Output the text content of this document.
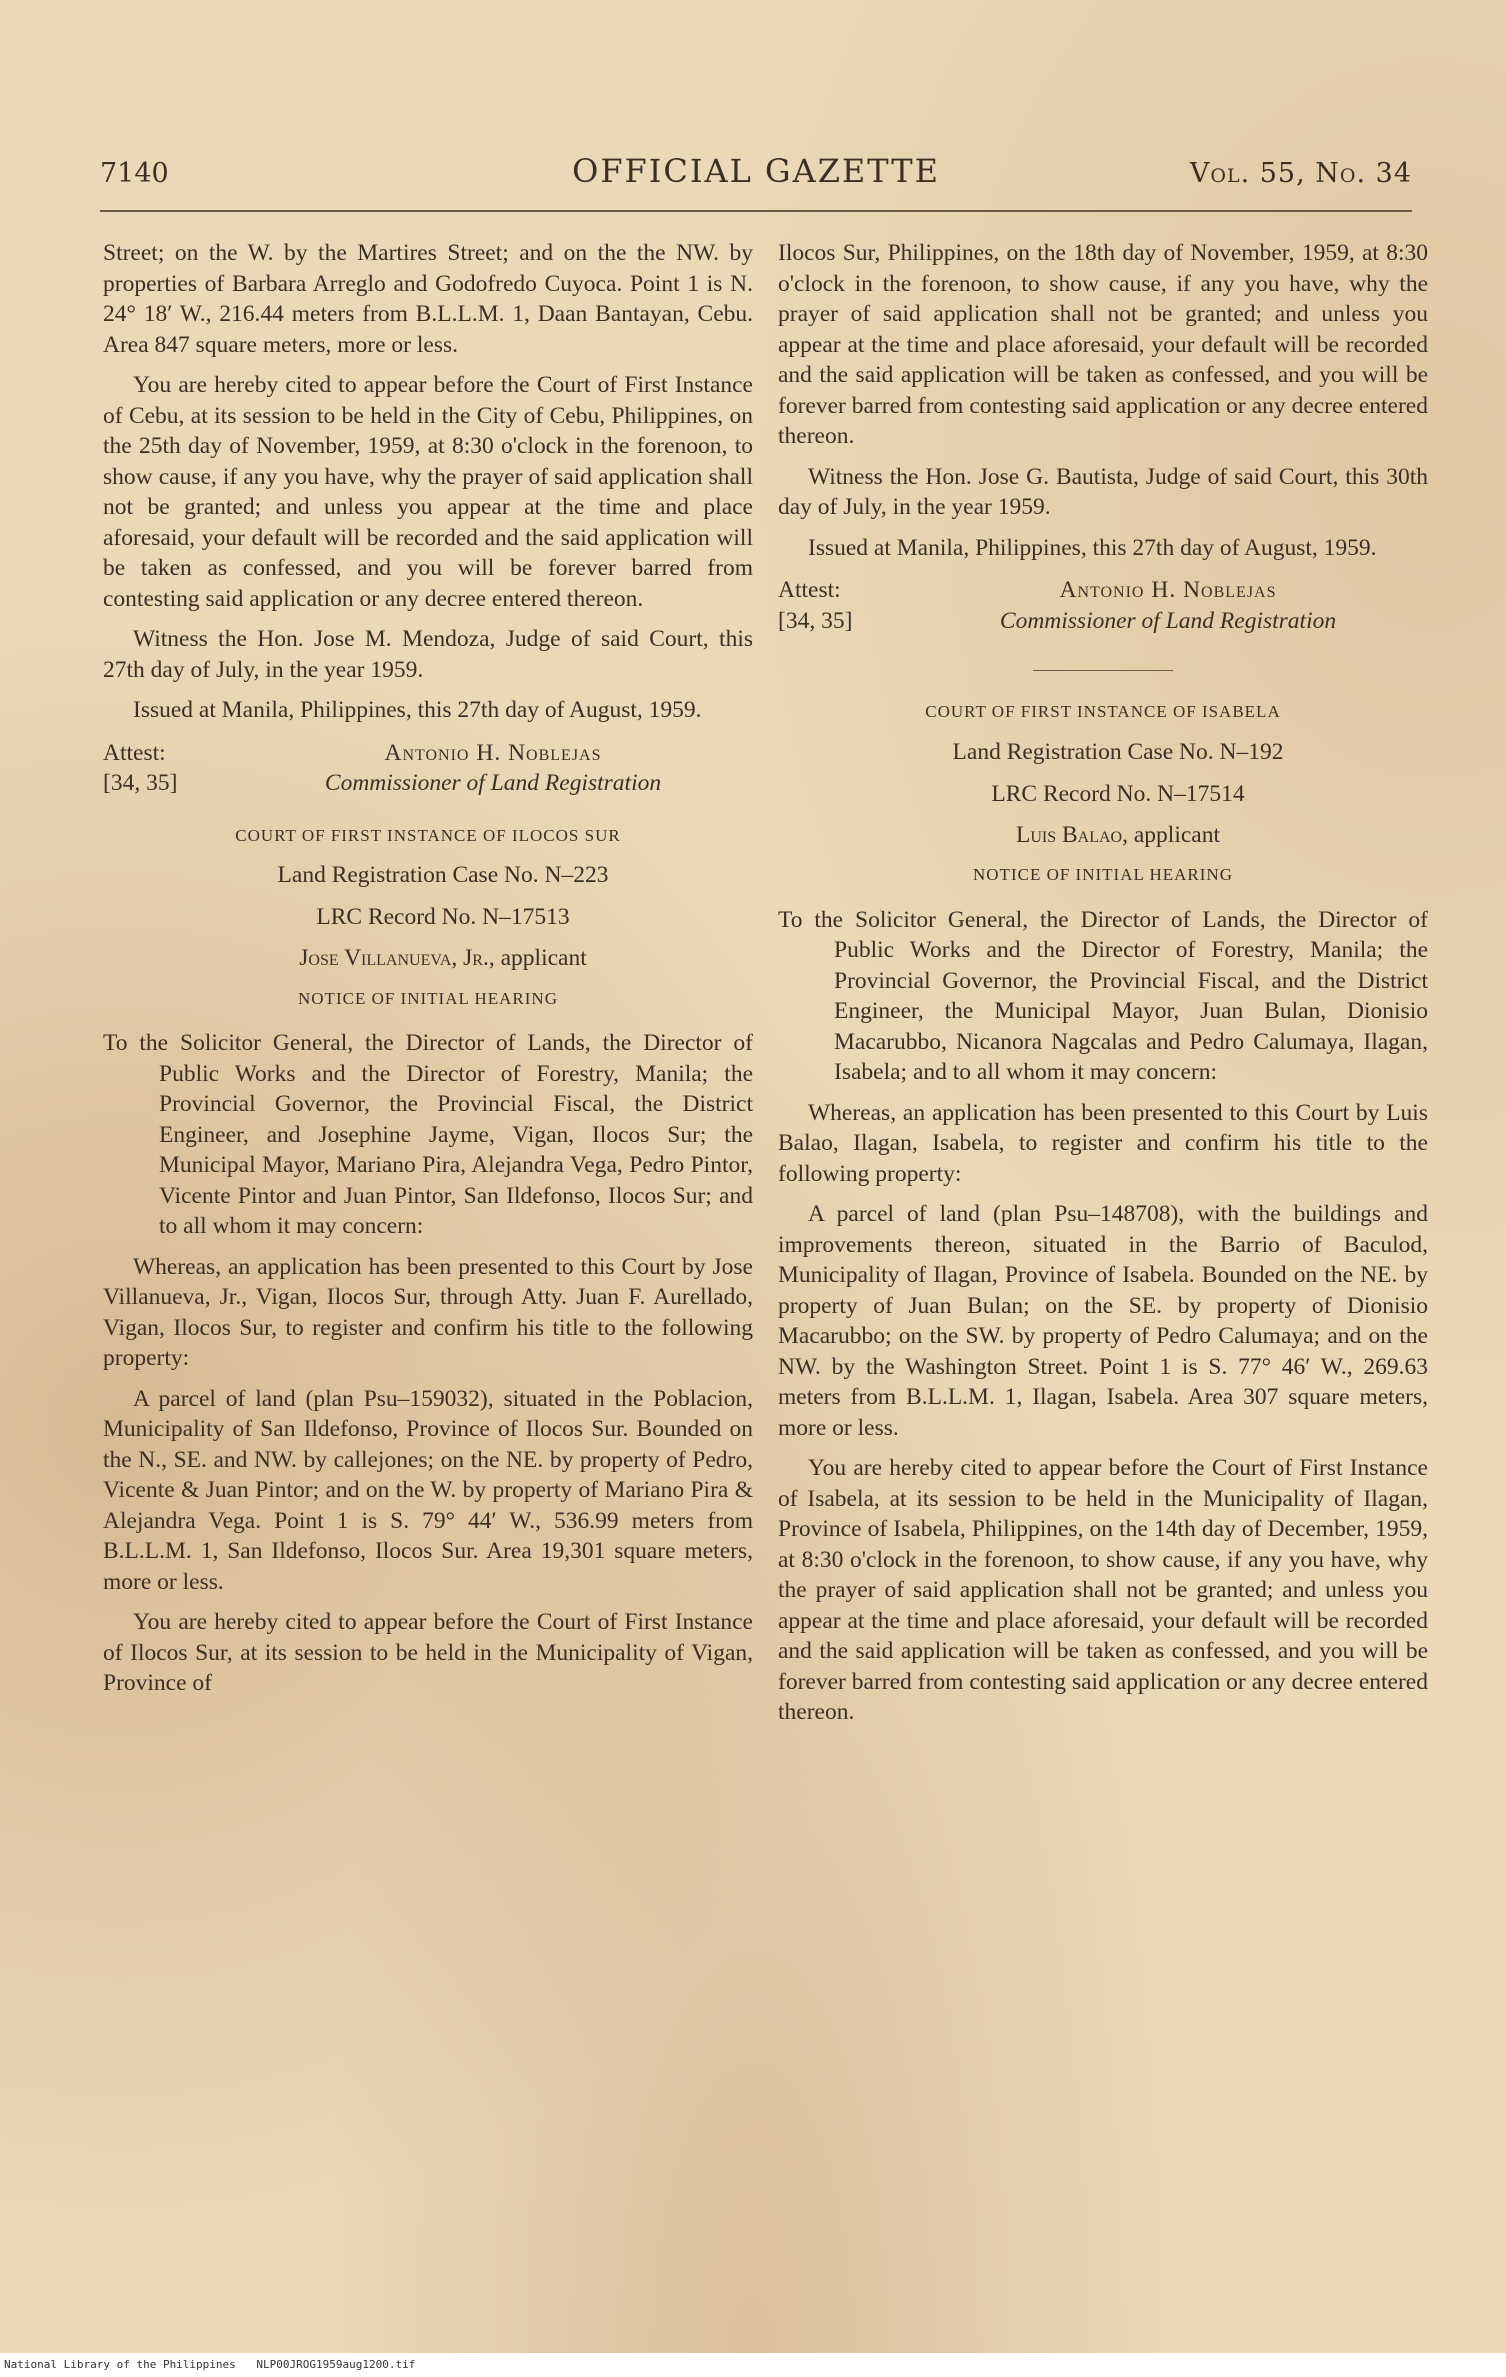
7140	OFFICIAL GAZETTE	Vol. 55, No. 34

Street; on the W. by the Martires Street; and on the the NW. by properties of Barbara Arreglo and Godofredo Cuyoca. Point 1 is N. 24° 18′ W., 216.44 meters from B.L.L.M. 1, Daan Bantayan, Cebu. Area 847 square meters, more or less.

You are hereby cited to appear before the Court of First Instance of Cebu, at its session to be held in the City of Cebu, Philippines, on the 25th day of November, 1959, at 8:30 o'clock in the forenoon, to show cause, if any you have, why the prayer of said application shall not be granted; and unless you appear at the time and place aforesaid, your default will be recorded and the said application will be taken as confessed, and you will be forever barred from contesting said application or any decree entered thereon.

Witness the Hon. Jose M. Mendoza, Judge of said Court, this 27th day of July, in the year 1959.

Issued at Manila, Philippines, this 27th day of August, 1959.

Attest:
[34, 35]
Antonio H. Noblejas
Commissioner of Land Registration
COURT OF FIRST INSTANCE OF ILOCOS SUR

Land Registration Case No. N–223

LRC Record No. N–17513

Jose Villanueva, Jr., applicant

NOTICE OF INITIAL HEARING

To the Solicitor General, the Director of Lands, the Director of Public Works and the Director of Forestry, Manila; the Provincial Governor, the Provincial Fiscal, the District Engineer, and Josephine Jayme, Vigan, Ilocos Sur; the Municipal Mayor, Mariano Pira, Alejandra Vega, Pedro Pintor, Vicente Pintor and Juan Pintor, San Ildefonso, Ilocos Sur; and to all whom it may concern:

Whereas, an application has been presented to this Court by Jose Villanueva, Jr., Vigan, Ilocos Sur, through Atty. Juan F. Aurellado, Vigan, Ilocos Sur, to register and confirm his title to the following property:

A parcel of land (plan Psu–159032), situated in the Poblacion, Municipality of San Ildefonso, Province of Ilocos Sur. Bounded on the N., SE. and NW. by callejones; on the NE. by property of Pedro, Vicente & Juan Pintor; and on the W. by property of Mariano Pira & Alejandra Vega. Point 1 is S. 79° 44′ W., 536.99 meters from B.L.L.M. 1, San Ildefonso, Ilocos Sur. Area 19,301 square meters, more or less.

You are hereby cited to appear before the Court of First Instance of Ilocos Sur, at its session to be held in the Municipality of Vigan, Province of

Ilocos Sur, Philippines, on the 18th day of November, 1959, at 8:30 o'clock in the forenoon, to show cause, if any you have, why the prayer of said application shall not be granted; and unless you appear at the time and place aforesaid, your default will be recorded and the said application will be taken as confessed, and you will be forever barred from contesting said application or any decree entered thereon.

Witness the Hon. Jose G. Bautista, Judge of said Court, this 30th day of July, in the year 1959.

Issued at Manila, Philippines, this 27th day of August, 1959.

Attest:
[34, 35]
Antonio H. Noblejas
Commissioner of Land Registration
COURT OF FIRST INSTANCE OF ISABELA

Land Registration Case No. N–192

LRC Record No. N–17514

Luis Balao, applicant

NOTICE OF INITIAL HEARING

To the Solicitor General, the Director of Lands, the Director of Public Works and the Director of Forestry, Manila; the Provincial Governor, the Provincial Fiscal, and the District Engineer, the Municipal Mayor, Juan Bulan, Dionisio Macarubbo, Nicanora Nagcalas and Pedro Calumaya, Ilagan, Isabela; and to all whom it may concern:

Whereas, an application has been presented to this Court by Luis Balao, Ilagan, Isabela, to register and confirm his title to the following property:

A parcel of land (plan Psu–148708), with the buildings and improvements thereon, situated in the Barrio of Baculod, Municipality of Ilagan, Province of Isabela. Bounded on the NE. by property of Juan Bulan; on the SE. by property of Dionisio Macarubbo; on the SW. by property of Pedro Calumaya; and on the NW. by the Washington Street. Point 1 is S. 77° 46′ W., 269.63 meters from B.L.L.M. 1, Ilagan, Isabela. Area 307 square meters, more or less.

You are hereby cited to appear before the Court of First Instance of Isabela, at its session to be held in the Municipality of Ilagan, Province of Isabela, Philippines, on the 14th day of December, 1959, at 8:30 o'clock in the forenoon, to show cause, if any you have, why the prayer of said application shall not be granted; and unless you appear at the time and place aforesaid, your default will be recorded and the said application will be taken as confessed, and you will be forever barred from contesting said application or any decree entered thereon.

National Library of the Philippines NLP00JROG1959aug1200.tif
